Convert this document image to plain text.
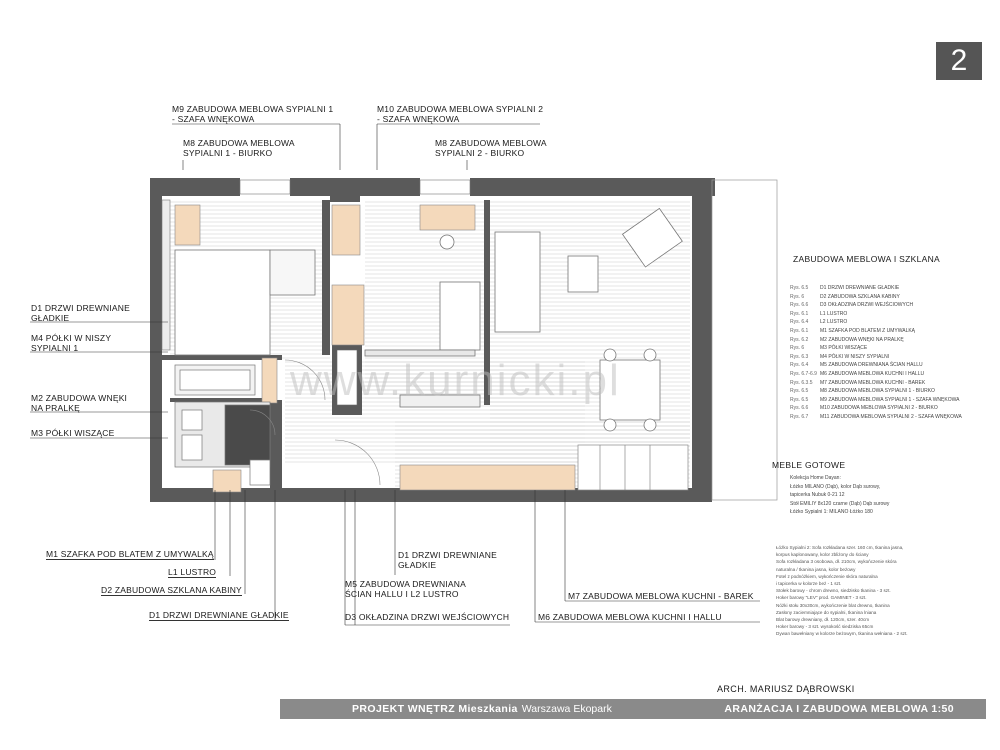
www.kurnicki.pl
2
M9 ZABUDOWA MEBLOWA SYPIALNI 1
- SZAFA WNĘKOWA
M10 ZABUDOWA MEBLOWA SYPIALNI 2
- SZAFA WNĘKOWA
M8 ZABUDOWA MEBLOWA
SYPIALNI 1 - BIURKO
M8 ZABUDOWA MEBLOWA
SYPIALNI 2 - BIURKO
D1 DRZWI DREWNIANE
GŁADKIE
M4 PÓŁKI W NISZY
SYPIALNI 1
M2 ZABUDOWA WNĘKI
NA PRALKĘ
M3 PÓŁKI WISZĄCE
M1 SZAFKA POD BLATEM Z UMYWALKĄ
L1 LUSTRO
D2 ZABUDOWA SZKLANA KABINY
D1 DRZWI DREWNIANE GŁADKIE
D1 DRZWI DREWNIANE
GŁADKIE
M5 ZABUDOWA DREWNIANA
ŚCIAN HALLU I L2 LUSTRO
D3 OKŁADZINA DRZWI WEJŚCIOWYCH
M7 ZABUDOWA MEBLOWA KUCHNI - BAREK
M6 ZABUDOWA MEBLOWA KUCHNI I HALLU
ZABUDOWA MEBLOWA I SZKLANA
Rys. 6.5 D1 DRZWI DREWNIANE GŁADKIE
Rys. 6	D2 ZABUDOWA SZKLANA KABINY
Rys. 6.6 D3 OKŁADZINA DRZWI WEJŚCIOWYCH
Rys. 6.1 L1 LUSTRO
Rys. 6.4 L2 LUSTRO
Rys. 6.1 M1 SZAFKA POD BLATEM Z UMYWALKĄ
Rys. 6.2 M2 ZABUDOWA WNĘKI NA PRALKĘ
Rys. 6	M3 PÓŁKI WISZĄCE
Rys. 6.3 M4 PÓŁKI W NISZY SYPIALNI
Rys. 6.4 M5 ZABUDOWA DREWNIANA ŚCIAN HALLU
Rys. 6.7-6.9 M6 ZABUDOWA MEBLOWA KUCHNI I HALLU
Rys. 6.3.5 M7 ZABUDOWA MEBLOWA KUCHNI - BAREK
Rys. 6.5 M8 ZABUDOWA MEBLOWA SYPIALNI 1 - BIURKO
Rys. 6.5 M9 ZABUDOWA MEBLOWA SYPIALNI 1 - SZAFA WNĘKOWA
Rys. 6.6 M10 ZABUDOWA MEBLOWA SYPIALNI 2 - BIURKO
Rys. 6.7 M11 ZABUDOWA MEBLOWA SYPIALNI 2 - SZAFA WNĘKOWA
MEBLE GOTOWE
Kolekcja Home Dayan:
Łóżko MILANO (Dąb), kolor Dąb surowy,
tapicerka Nubuk 0-21 12
Stół EMILIY 8x120 czarne (Dąb) Dąb surowy
Łóżko Sypialni 1: MILANO Łóżko 180
Łóżko Sypialni 2: Sofa rozkładana szer. 160 cm, tkanina jasna,
korpus kaplonowany, kolor zbliżony do ściany
Sofa rozkładana 3 osobowa, dł. 210cm, wykończenie skóra
naturalna / tkanina jasna, kolor beżowy
Fotel z podnóżkiem, wykończenie skóra naturalna
i tapicerka w kolorze beż - 1 szt.
Stołek barowy - chrom drewno, siedzisko tkanina - 3 szt.
Hoker barowy "LEV" prod. GAMINET - 3 szt.
Nóżki stołu 30x30cm, wykończenie blat drewno, tkanina
Zasłony zaciemniające do sypialni, tkanina lniana
Blat barowy drewniany, dł. 120cm, szer. 40cm
Hoker barowy - 3 szt. wysokość siedziska 65cm
Dywan bawełniany w kolorze beżowym, tkanina wełniana - 2 szt.
ARCH. MARIUSZ DĄBROWSKI
PROJEKT WNĘTRZ Mieszkania Warszawa Ekopark	ARANŻACJA I ZABUDOWA MEBLOWA 1:50
